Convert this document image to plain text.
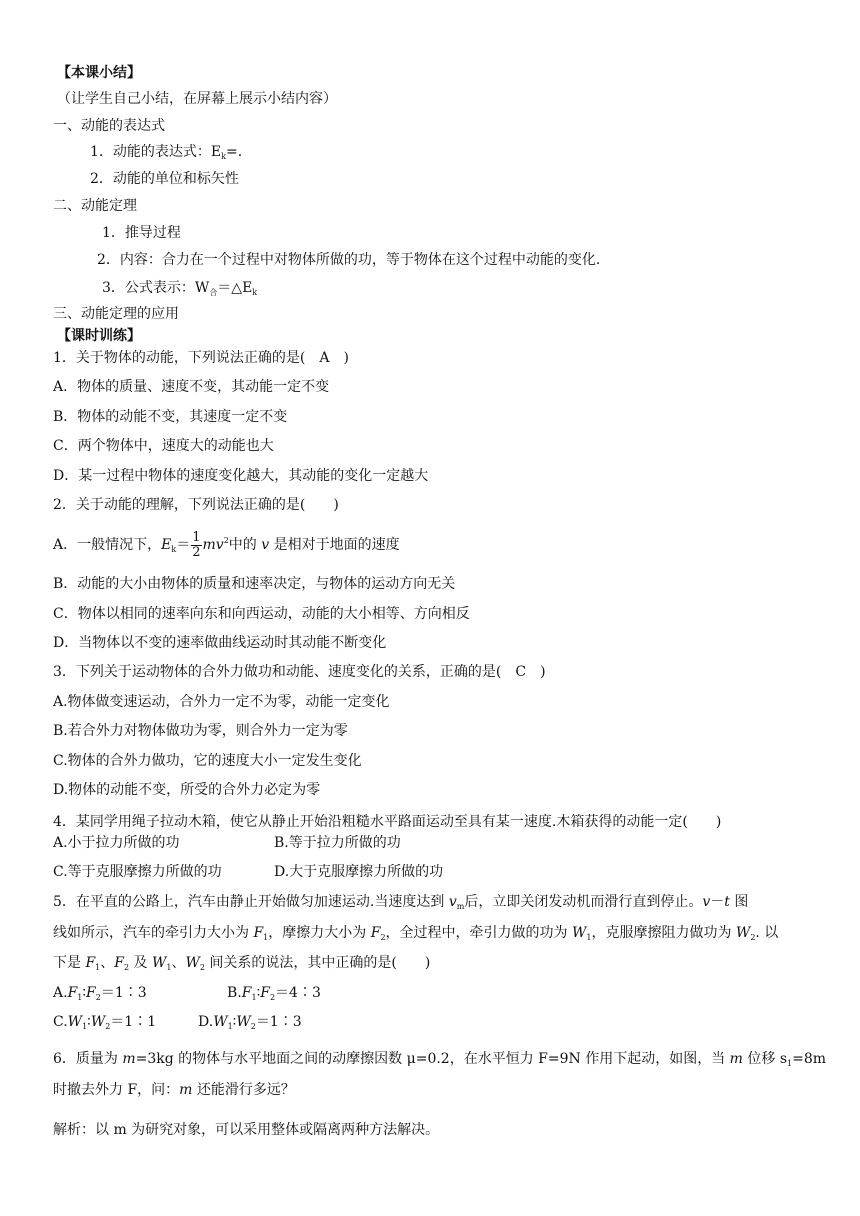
【本课小结】
（让学生自己小结，在屏幕上展示小结内容）
一、动能的表达式
1．动能的表达式：$E_k=$.
2．动能的单位和标矢性
二、动能定理
1．推导过程
2．内容：合力在一个过程中对物体所做的功，等于物体在这个过程中动能的变化.
3．公式表示：$W_合=\triangle E_k$
三、动能定理的应用
【课时训练】
1．关于物体的动能，下列说法正确的是(　A　)
A．物体的质量、速度不变，其动能一定不变
B．物体的动能不变，其速度一定不变
C．两个物体中，速度大的动能也大
D．某一过程中物体的速度变化越大，其动能的变化一定越大
2．关于动能的理解，下列说法正确的是(　　)
A．一般情况下，$E_k= \frac{1}{2} mv^2$中的 v 是相对于地面的速度
B．动能的大小由物体的质量和速率决定，与物体的运动方向无关
C．物体以相同的速率向东和向西运动，动能的大小相等、方向相反
D．当物体以不变的速率做曲线运动时其动能不断变化
3．下列关于运动物体的合外力做功和动能、速度变化的关系，正确的是(　C　)
A.物体做变速运动，合外力一定不为零，动能一定变化
B.若合外力对物体做功为零，则合外力一定为零
C.物体的合外力做功，它的速度大小一定发生变化
D.物体的动能不变，所受的合外力必定为零
4．某同学用绳子拉动木箱，使它从静止开始沿粗糙水平路面运动至具有某一速度.木箱获得的动能一定(　　)
A.小于拉力所做的功	B.等于拉力所做的功
C.等于克服摩擦力所做的功	D.大于克服摩擦力所做的功
5．在平直的公路上，汽车由静止开始做匀加速运动.当速度达到 $v_m$后，立即关闭发动机而滑行直到停止。v－t 图
线如所示，汽车的牵引力大小为 $F_1$，摩擦力大小为 $F_2$，全过程中，牵引力做的功为 $W_1$，克服摩擦阻力做功为 $W_2$. 以
下是 $F_1$、$F_2$ 及 $W_1$、$W_2$ 间关系的说法，其中正确的是(　　)
$A.F_1∶F_2=1∶3$	$B.F_1∶F_2=4∶3$
$C.W_1∶W_2=1∶1$	$D.W_1∶W_2=1∶3$
6．质量为 m=3kg 的物体与水平地面之间的动摩擦因数 μ=0.2，在水平恒力 F=9N 作用下起动，如图，当 m 位移 $s_1=8m$
时撤去外力 F，问：m 还能滑行多远？
解析：以 m 为研究对象，可以采用整体或隔离两种方法解决。
